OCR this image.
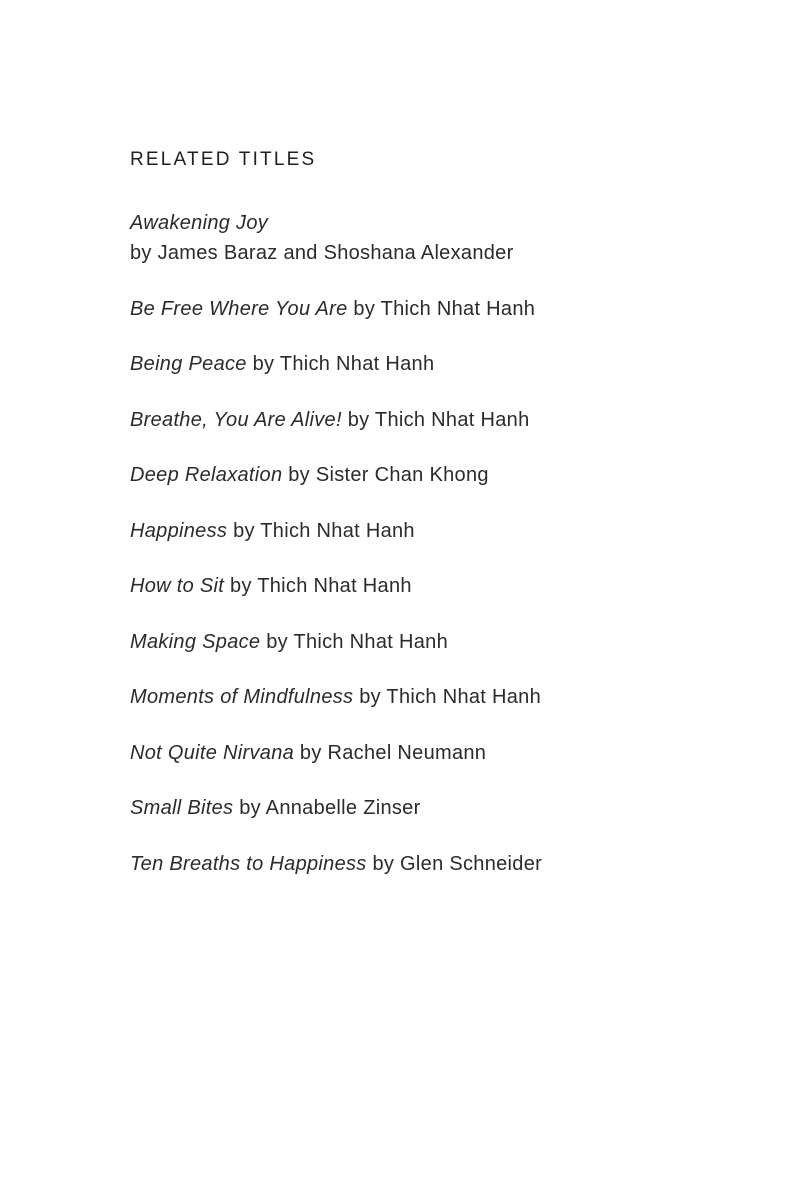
RELATED TITLES
Awakening Joy
by James Baraz and Shoshana Alexander
Be Free Where You Are by Thich Nhat Hanh
Being Peace by Thich Nhat Hanh
Breathe, You Are Alive! by Thich Nhat Hanh
Deep Relaxation by Sister Chan Khong
Happiness by Thich Nhat Hanh
How to Sit by Thich Nhat Hanh
Making Space by Thich Nhat Hanh
Moments of Mindfulness by Thich Nhat Hanh
Not Quite Nirvana by Rachel Neumann
Small Bites by Annabelle Zinser
Ten Breaths to Happiness by Glen Schneider
